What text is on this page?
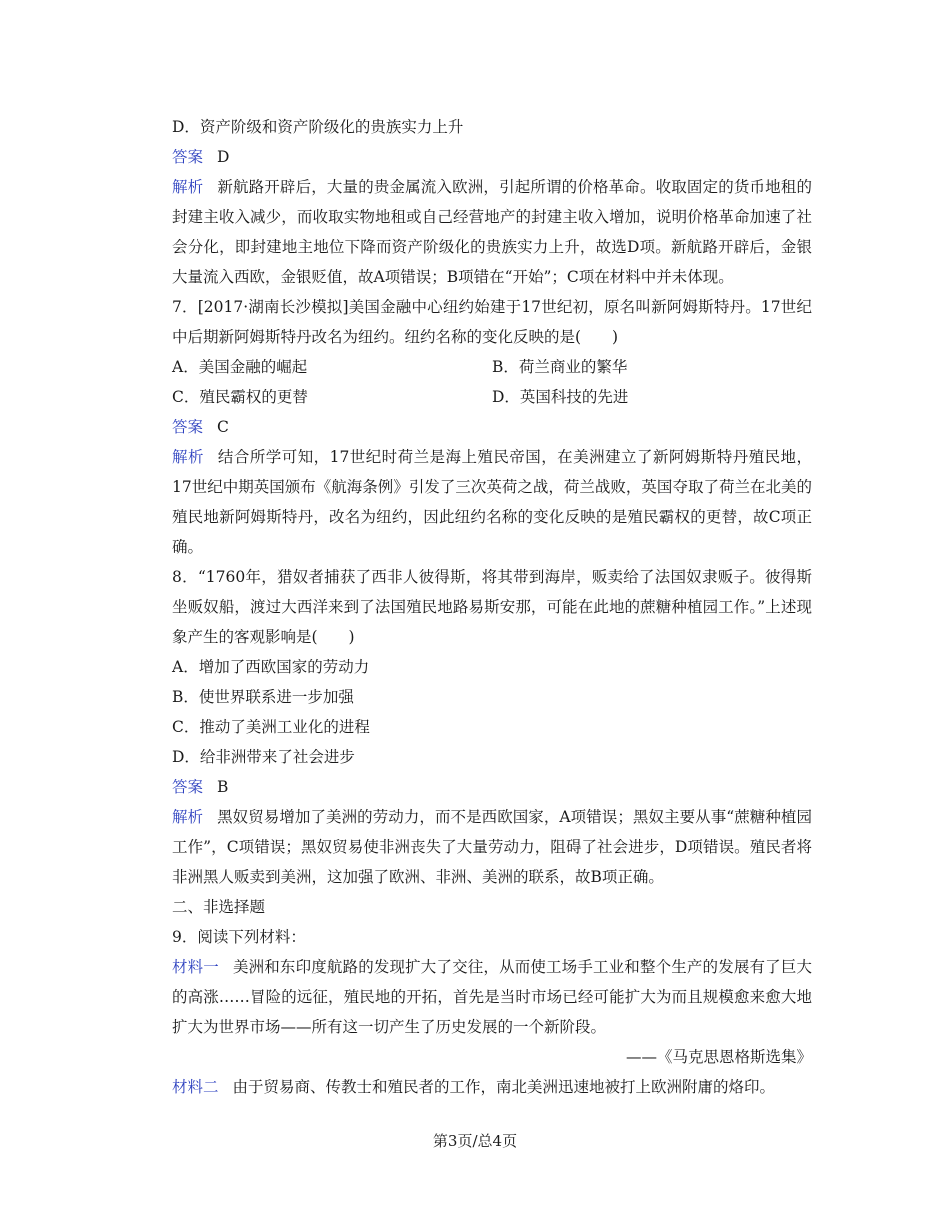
D．资产阶级和资产阶级化的贵族实力上升
答案 D
解析 新航路开辟后，大量的贵金属流入欧洲，引起所谓的价格革命。收取固定的货币地租的封建主收入减少，而收取实物地租或自己经营地产的封建主收入增加，说明价格革命加速了社会分化，即封建地主地位下降而资产阶级化的贵族实力上升，故选D项。新航路开辟后，金银大量流入西欧，金银贬值，故A项错误；B项错在“开始”；C项在材料中并未体现。
7．[2017·湖南长沙模拟]美国金融中心纽约始建于17世纪初，原名叫新阿姆斯特丹。17世纪中后期新阿姆斯特丹改名为纽约。纽约名称的变化反映的是(　　)
A．美国金融的崛起	B．荷兰商业的繁华
C．殖民霸权的更替	D．英国科技的先进
答案 C
解析 结合所学可知，17世纪时荷兰是海上殖民帝国，在美洲建立了新阿姆斯特丹殖民地，17世纪中期英国颁布《航海条例》引发了三次英荷之战，荷兰战败，英国夺取了荷兰在北美的殖民地新阿姆斯特丹，改名为纽约，因此纽约名称的变化反映的是殖民霸权的更替，故C项正确。
8．“1760年，猎奴者捕获了西非人彼得斯，将其带到海岸，贩卖给了法国奴隶贩子。彼得斯坐贩奴船，渡过大西洋来到了法国殖民地路易斯安那，可能在此地的蔗糖种植园工作。”上述现象产生的客观影响是(　　)
A．增加了西欧国家的劳动力
B．使世界联系进一步加强
C．推动了美洲工业化的进程
D．给非洲带来了社会进步
答案 B
解析 黑奴贸易增加了美洲的劳动力，而不是西欧国家，A项错误；黑奴主要从事“蔗糖种植园工作”，C项错误；黑奴贸易使非洲丧失了大量劳动力，阻碍了社会进步，D项错误。殖民者将非洲黑人贩卖到美洲，这加强了欧洲、非洲、美洲的联系，故B项正确。
二、非选择题
9．阅读下列材料：
材料一 美洲和东印度航路的发现扩大了交往，从而使工场手工业和整个生产的发展有了巨大的高涨……冒险的远征，殖民地的开拓，首先是当时市场已经可能扩大为而且规模愈来愈大地扩大为世界市场——所有这一切产生了历史发展的一个新阶段。
——《马克思恩格斯选集》
材料二 由于贸易商、传教士和殖民者的工作，南北美洲迅速地被打上欧洲附庸的烙印。
第3页/总4页
